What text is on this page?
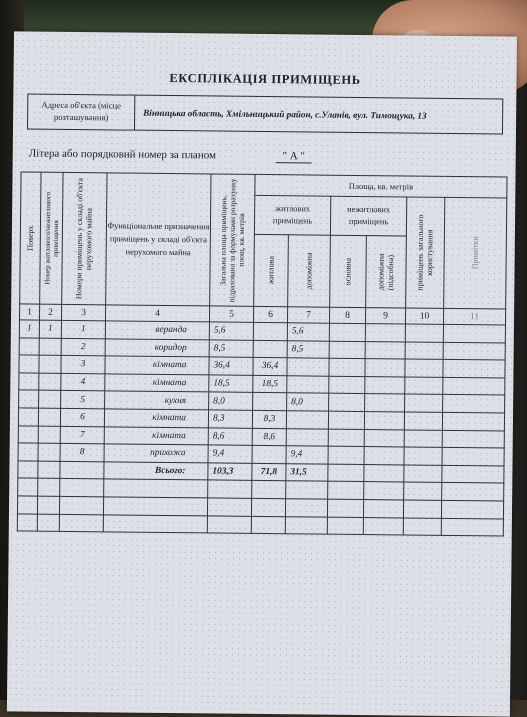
ЕКСПЛІКАЦІЯ ПРИМІЩЕНЬ
Адреса об'єкта (місце розташування)	Вінницька область, Хмільницький район, с.Уланів, вул. Тимощука, 13
Літера або порядковий номер за планом	" А "
Поверх	Номер житлового/нежитлового приміщення	Номери приміщень у складі об'єкта нерухомого майна	Функціональне призначення приміщень у складі об'єкта нерухомого майна	Загальна площа приміщень, підрахована за формулами розрахунку площ, кв. метрів	Площа, кв. метрів					
					житлових приміщень		нежитлових приміщень		приміщень загального користування	Примітки

					житлова	допоміжна	основна	допоміжна (підсобна)		

1	2	3	4	5	6	7	8	9	10	11
1	1	1	веранда	5,6		5,6				
		2	коридор	8,5		8,5				
		3	кімната	36,4	36,4					
		4	кімната	18,5	18,5					
		5	кухня	8,0		8,0				
		6	кімната	8,3	8,3					
		7	кімната	8,6	8,6					
		8	прихожа	9,4		9,4				
			Всього:	103,3	71,8	31,5				
